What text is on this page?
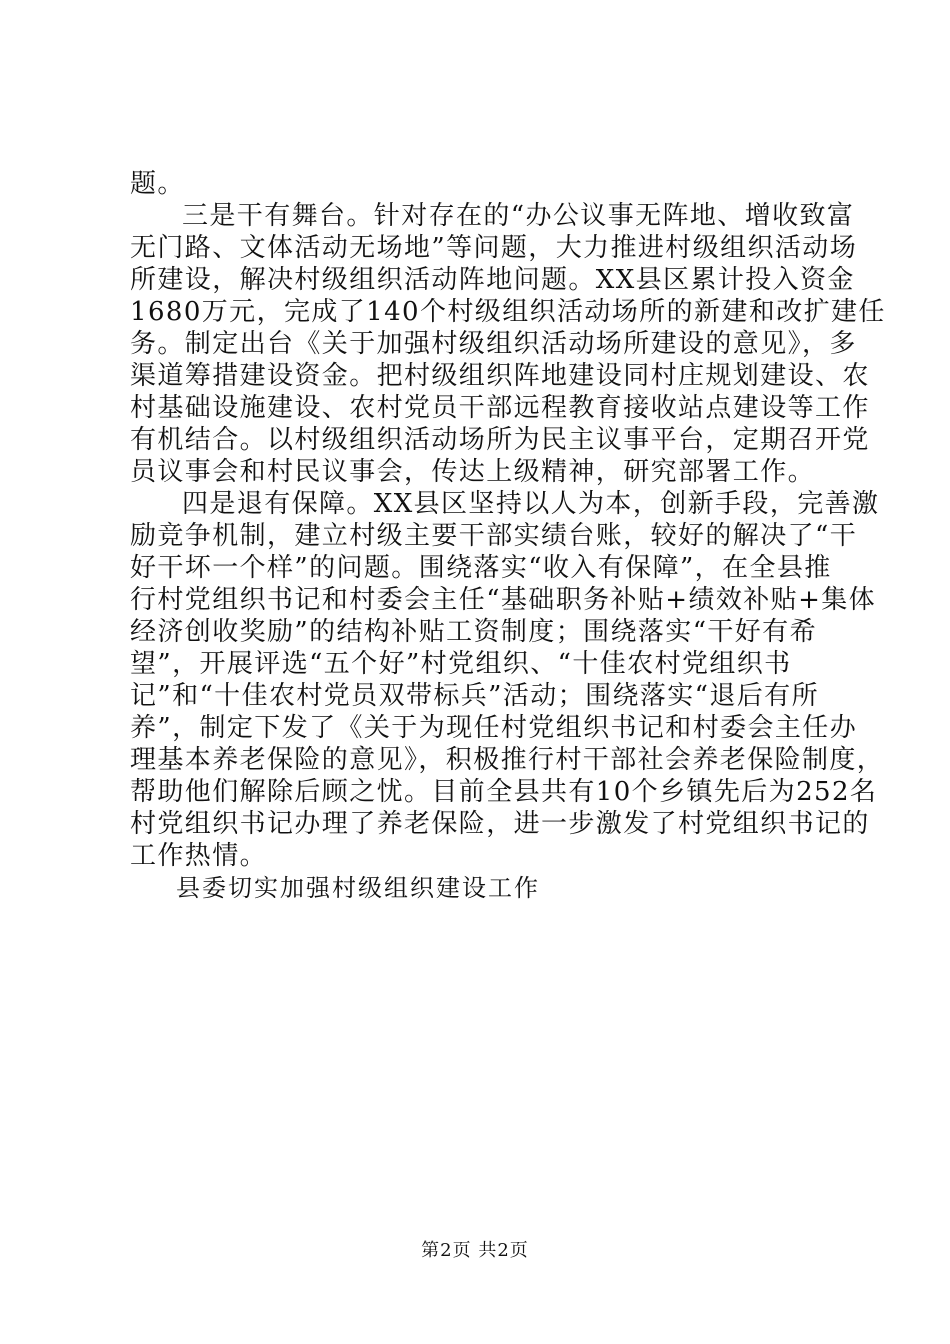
题。
三是干有舞台。针对存在的“办公议事无阵地、增收致富
无门路、文体活动无场地”等问题，大力推进村级组织活动场
所建设，解决村级组织活动阵地问题。XX县区累计投入资金
1680万元，完成了140个村级组织活动场所的新建和改扩建任
务。制定出台《关于加强村级组织活动场所建设的意见》，多
渠道筹措建设资金。把村级组织阵地建设同村庄规划建设、农
村基础设施建设、农村党员干部远程教育接收站点建设等工作
有机结合。以村级组织活动场所为民主议事平台，定期召开党
员议事会和村民议事会，传达上级精神，研究部署工作。
四是退有保障。XX县区坚持以人为本，创新手段，完善激
励竞争机制，建立村级主要干部实绩台账，较好的解决了“干
好干坏一个样”的问题。围绕落实“收入有保障”，在全县推
行村党组织书记和村委会主任“基础职务补贴+绩效补贴+集体
经济创收奖励”的结构补贴工资制度；围绕落实“干好有希
望”，开展评选“五个好”村党组织、“十佳农村党组织书
记”和“十佳农村党员双带标兵”活动；围绕落实“退后有所
养”，制定下发了《关于为现任村党组织书记和村委会主任办
理基本养老保险的意见》，积极推行村干部社会养老保险制度，
帮助他们解除后顾之忧。目前全县共有10个乡镇先后为252名
村党组织书记办理了养老保险，进一步激发了村党组织书记的
工作热情。
县委切实加强村级组织建设工作
第2页 共2页
